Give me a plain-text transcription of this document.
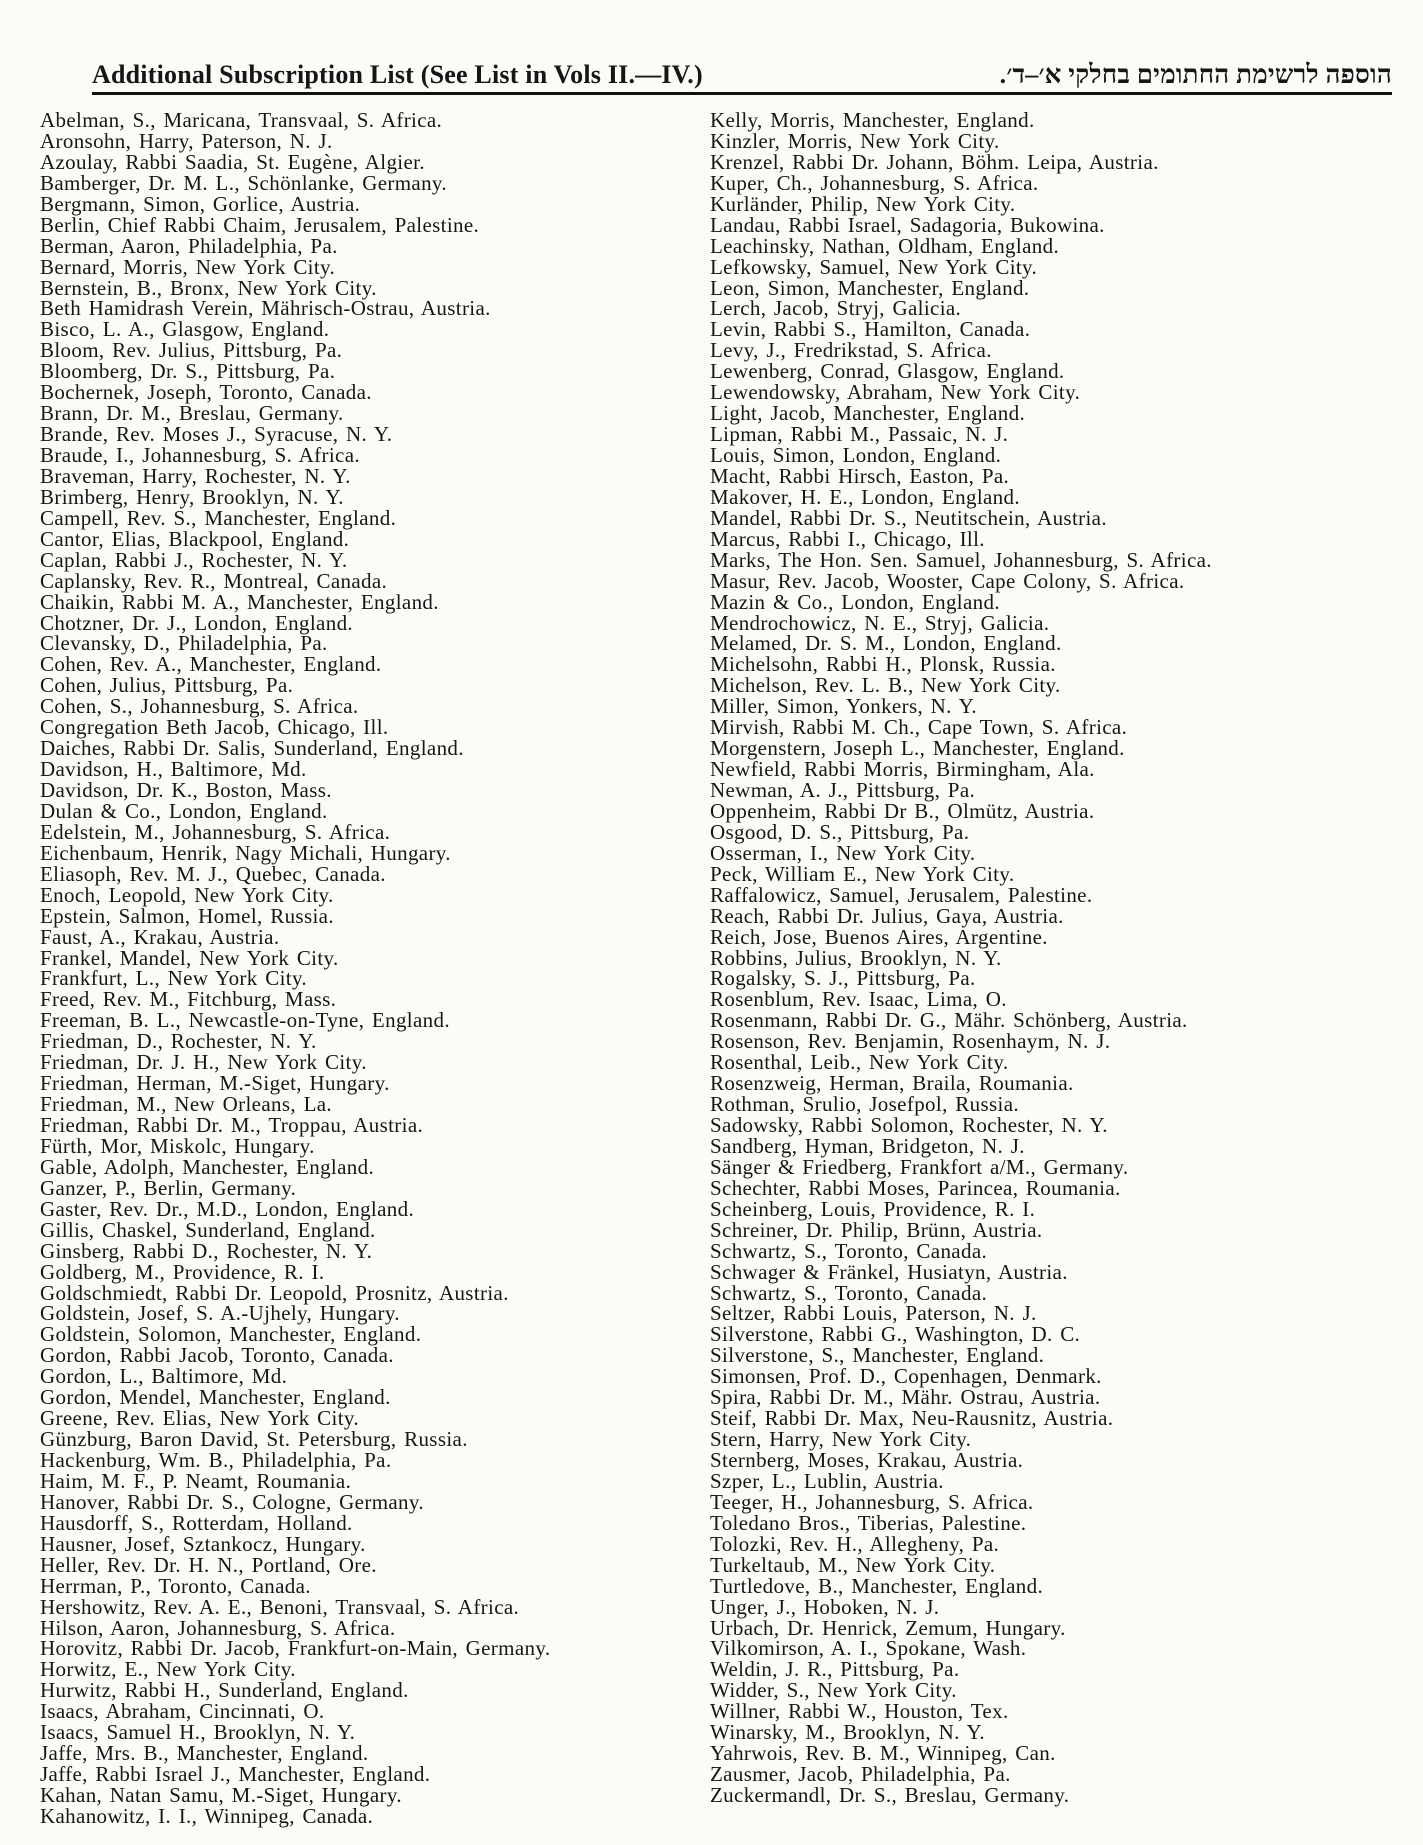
Additional Subscription List (See List in Vols II.—IV.)	הוספה לרשימת החתומים בחלקי א׳–ד׳.
Abelman, S., Maricana, Transvaal, S. Africa.
Aronsohn, Harry, Paterson, N. J.
Azoulay, Rabbi Saadia, St. Eugène, Algier.
Bamberger, Dr. M. L., Schönlanke, Germany.
Bergmann, Simon, Gorlice, Austria.
Berlin, Chief Rabbi Chaim, Jerusalem, Palestine.
Berman, Aaron, Philadelphia, Pa.
Bernard, Morris, New York City.
Bernstein, B., Bronx, New York City.
Beth Hamidrash Verein, Mährisch-Ostrau, Austria.
Bisco, L. A., Glasgow, England.
Bloom, Rev. Julius, Pittsburg, Pa.
Bloomberg, Dr. S., Pittsburg, Pa.
Bochernek, Joseph, Toronto, Canada.
Brann, Dr. M., Breslau, Germany.
Brande, Rev. Moses J., Syracuse, N. Y.
Braude, I., Johannesburg, S. Africa.
Braveman, Harry, Rochester, N. Y.
Brimberg, Henry, Brooklyn, N. Y.
Campell, Rev. S., Manchester, England.
Cantor, Elias, Blackpool, England.
Caplan, Rabbi J., Rochester, N. Y.
Caplansky, Rev. R., Montreal, Canada.
Chaikin, Rabbi M. A., Manchester, England.
Chotzner, Dr. J., London, England.
Clevansky, D., Philadelphia, Pa.
Cohen, Rev. A., Manchester, England.
Cohen, Julius, Pittsburg, Pa.
Cohen, S., Johannesburg, S. Africa.
Congregation Beth Jacob, Chicago, Ill.
Daiches, Rabbi Dr. Salis, Sunderland, England.
Davidson, H., Baltimore, Md.
Davidson, Dr. K., Boston, Mass.
Dulan & Co., London, England.
Edelstein, M., Johannesburg, S. Africa.
Eichenbaum, Henrik, Nagy Michali, Hungary.
Eliasoph, Rev. M. J., Quebec, Canada.
Enoch, Leopold, New York City.
Epstein, Salmon, Homel, Russia.
Faust, A., Krakau, Austria.
Frankel, Mandel, New York City.
Frankfurt, L., New York City.
Freed, Rev. M., Fitchburg, Mass.
Freeman, B. L., Newcastle-on-Tyne, England.
Friedman, D., Rochester, N. Y.
Friedman, Dr. J. H., New York City.
Friedman, Herman, M.-Siget, Hungary.
Friedman, M., New Orleans, La.
Friedman, Rabbi Dr. M., Troppau, Austria.
Fürth, Mor, Miskolc, Hungary.
Gable, Adolph, Manchester, England.
Ganzer, P., Berlin, Germany.
Gaster, Rev. Dr., M.D., London, England.
Gillis, Chaskel, Sunderland, England.
Ginsberg, Rabbi D., Rochester, N. Y.
Goldberg, M., Providence, R. I.
Goldschmiedt, Rabbi Dr. Leopold, Prosnitz, Austria.
Goldstein, Josef, S. A.-Ujhely, Hungary.
Goldstein, Solomon, Manchester, England.
Gordon, Rabbi Jacob, Toronto, Canada.
Gordon, L., Baltimore, Md.
Gordon, Mendel, Manchester, England.
Greene, Rev. Elias, New York City.
Günzburg, Baron David, St. Petersburg, Russia.
Hackenburg, Wm. B., Philadelphia, Pa.
Haim, M. F., P. Neamt, Roumania.
Hanover, Rabbi Dr. S., Cologne, Germany.
Hausdorff, S., Rotterdam, Holland.
Hausner, Josef, Sztankocz, Hungary.
Heller, Rev. Dr. H. N., Portland, Ore.
Herrman, P., Toronto, Canada.
Hershowitz, Rev. A. E., Benoni, Transvaal, S. Africa.
Hilson, Aaron, Johannesburg, S. Africa.
Horovitz, Rabbi Dr. Jacob, Frankfurt-on-Main, Germany.
Horwitz, E., New York City.
Hurwitz, Rabbi H., Sunderland, England.
Isaacs, Abraham, Cincinnati, O.
Isaacs, Samuel H., Brooklyn, N. Y.
Jaffe, Mrs. B., Manchester, England.
Jaffe, Rabbi Israel J., Manchester, England.
Kahan, Natan Samu, M.-Siget, Hungary.
Kahanowitz, I. I., Winnipeg, Canada.
Kelly, Morris, Manchester, England.
Kinzler, Morris, New York City.
Krenzel, Rabbi Dr. Johann, Böhm. Leipa, Austria.
Kuper, Ch., Johannesburg, S. Africa.
Kurländer, Philip, New York City.
Landau, Rabbi Israel, Sadagoria, Bukowina.
Leachinsky, Nathan, Oldham, England.
Lefkowsky, Samuel, New York City.
Leon, Simon, Manchester, England.
Lerch, Jacob, Stryj, Galicia.
Levin, Rabbi S., Hamilton, Canada.
Levy, J., Fredrikstad, S. Africa.
Lewenberg, Conrad, Glasgow, England.
Lewendowsky, Abraham, New York City.
Light, Jacob, Manchester, England.
Lipman, Rabbi M., Passaic, N. J.
Louis, Simon, London, England.
Macht, Rabbi Hirsch, Easton, Pa.
Makover, H. E., London, England.
Mandel, Rabbi Dr. S., Neutitschein, Austria.
Marcus, Rabbi I., Chicago, Ill.
Marks, The Hon. Sen. Samuel, Johannesburg, S. Africa.
Masur, Rev. Jacob, Wooster, Cape Colony, S. Africa.
Mazin & Co., London, England.
Mendrochowicz, N. E., Stryj, Galicia.
Melamed, Dr. S. M., London, England.
Michelsohn, Rabbi H., Plonsk, Russia.
Michelson, Rev. L. B., New York City.
Miller, Simon, Yonkers, N. Y.
Mirvish, Rabbi M. Ch., Cape Town, S. Africa.
Morgenstern, Joseph L., Manchester, England.
Newfield, Rabbi Morris, Birmingham, Ala.
Newman, A. J., Pittsburg, Pa.
Oppenheim, Rabbi Dr B., Olmütz, Austria.
Osgood, D. S., Pittsburg, Pa.
Osserman, I., New York City.
Peck, William E., New York City.
Raffalowicz, Samuel, Jerusalem, Palestine.
Reach, Rabbi Dr. Julius, Gaya, Austria.
Reich, Jose, Buenos Aires, Argentine.
Robbins, Julius, Brooklyn, N. Y.
Rogalsky, S. J., Pittsburg, Pa.
Rosenblum, Rev. Isaac, Lima, O.
Rosenmann, Rabbi Dr. G., Mähr. Schönberg, Austria.
Rosenson, Rev. Benjamin, Rosenhaym, N. J.
Rosenthal, Leib., New York City.
Rosenzweig, Herman, Braila, Roumania.
Rothman, Srulio, Josefpol, Russia.
Sadowsky, Rabbi Solomon, Rochester, N. Y.
Sandberg, Hyman, Bridgeton, N. J.
Sänger & Friedberg, Frankfort a/M., Germany.
Schechter, Rabbi Moses, Parincea, Roumania.
Scheinberg, Louis, Providence, R. I.
Schreiner, Dr. Philip, Brünn, Austria.
Schwartz, S., Toronto, Canada.
Schwager & Fränkel, Husiatyn, Austria.
Schwartz, S., Toronto, Canada.
Seltzer, Rabbi Louis, Paterson, N. J.
Silverstone, Rabbi G., Washington, D. C.
Silverstone, S., Manchester, England.
Simonsen, Prof. D., Copenhagen, Denmark.
Spira, Rabbi Dr. M., Mähr. Ostrau, Austria.
Steif, Rabbi Dr. Max, Neu-Rausnitz, Austria.
Stern, Harry, New York City.
Sternberg, Moses, Krakau, Austria.
Szper, L., Lublin, Austria.
Teeger, H., Johannesburg, S. Africa.
Toledano Bros., Tiberias, Palestine.
Tolozki, Rev. H., Allegheny, Pa.
Turkeltaub, M., New York City.
Turtledove, B., Manchester, England.
Unger, J., Hoboken, N. J.
Urbach, Dr. Henrick, Zemum, Hungary.
Vilkomirson, A. I., Spokane, Wash.
Weldin, J. R., Pittsburg, Pa.
Widder, S., New York City.
Willner, Rabbi W., Houston, Tex.
Winarsky, M., Brooklyn, N. Y.
Yahrwois, Rev. B. M., Winnipeg, Can.
Zausmer, Jacob, Philadelphia, Pa.
Zuckermandl, Dr. S., Breslau, Germany.
